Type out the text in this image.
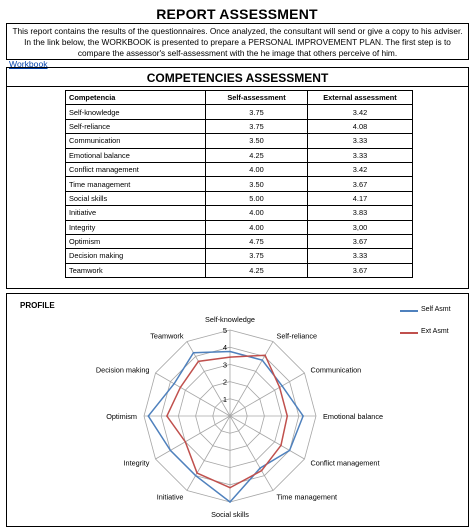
REPORT ASSESSMENT
This report contains the results of the questionnaires. Once analyzed, the consultant will send or give a copy to his adviser. In the link below, the WORKBOOK is presented to prepare a PERSONAL IMPROVEMENT PLAN. The first step is to compare the assessor's self-assessment with the he image that others perceive of him.
Workbook
COMPETENCIES ASSESSMENT
Competencia	Self-assessment	External assessment
Self-knowledge	3.75	3.42
Self-reliance	3.75	4.08
Communication	3.50	3.33
Emotional balance	4.25	3.33
Conflict management	4.00	3.42
Time management	3.50	3.67
Social skills	5.00	4.17
Initiative	4.00	3.83
Integrity	4.00	3,00
Optimism	4.75	3.67
Decision making	3.75	3.33
Teamwork	4.25	3.67
PROFILE
1
2
3
4
5
Self-knowledge
Self-reliance
Communication
Emotional balance
Conflict management
Time management
Social skills
Initiative
Integrity
Optimism
Decision making
Teamwork
Self Asmt
Ext Asmt
